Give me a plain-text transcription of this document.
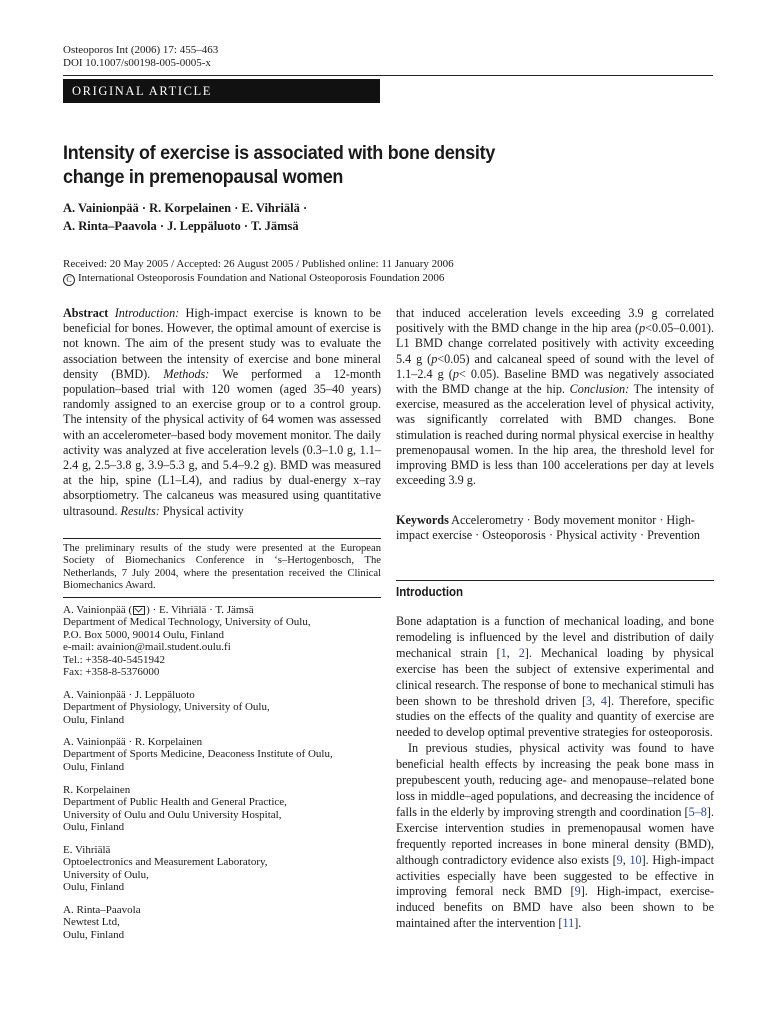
Osteoporos Int (2006) 17: 455–463
DOI 10.1007/s00198-005-0005-x
ORIGINAL ARTICLE
Intensity of exercise is associated with bone density
change in premenopausal women
A. Vainionpää · R. Korpelainen · E. Vihriälä ·
A. Rinta–Paavola · J. Leppäluoto · T. Jämsä
Received: 20 May 2005 / Accepted: 26 August 2005 / Published online: 11 January 2006
C International Osteoporosis Foundation and National Osteoporosis Foundation 2006
Abstract Introduction: High-impact exercise is known to be beneficial for bones. However, the optimal amount of exercise is not known. The aim of the present study was to evaluate the association between the intensity of exercise and bone mineral density (BMD). Methods: We performed a 12-month population–based trial with 120 women (aged 35–40 years) randomly assigned to an exercise group or to a control group. The intensity of the physical activity of 64 women was assessed with an accelerometer–based body movement monitor. The daily activity was analyzed at five acceleration levels (0.3–1.0 g, 1.1–2.4 g, 2.5–3.8 g, 3.9–5.3 g, and 5.4–9.2 g). BMD was measured at the hip, spine (L1–L4), and radius by dual-energy x–ray absorptiometry. The calcaneus was measured using quantitative ultrasound. Results: Physical activity
that induced acceleration levels exceeding 3.9 g correlated positively with the BMD change in the hip area (p<0.05–0.001). L1 BMD change correlated positively with activity exceeding 5.4 g (p<0.05) and calcaneal speed of sound with the level of 1.1–2.4 g (p< 0.05). Baseline BMD was negatively associated with the BMD change at the hip. Conclusion: The intensity of exercise, measured as the acceleration level of physical activity, was significantly correlated with BMD changes. Bone stimulation is reached during normal physical exercise in healthy premenopausal women. In the hip area, the threshold level for improving BMD is less than 100 accelerations per day at levels exceeding 3.9 g.
Keywords Accelerometry · Body movement monitor · High-impact exercise · Osteoporosis · Physical activity · Prevention
The preliminary results of the study were presented at the European Society of Biomechanics Conference in ‘s–Hertogenbosch, The Netherlands, 7 July 2004, where the presentation received the Clinical Biomechanics Award.
A. Vainionpää ( ) · E. Vihriälä · T. Jämsä
Department of Medical Technology, University of Oulu,
P.O. Box 5000, 90014 Oulu, Finland
e-mail: avainion@mail.student.oulu.fi
Tel.: +358-40-5451942
Fax: +358-8-5376000
A. Vainionpää · J. Leppäluoto
Department of Physiology, University of Oulu,
Oulu, Finland
A. Vainionpää · R. Korpelainen
Department of Sports Medicine, Deaconess Institute of Oulu,
Oulu, Finland
R. Korpelainen
Department of Public Health and General Practice,
University of Oulu and Oulu University Hospital,
Oulu, Finland
E. Vihriälä
Optoelectronics and Measurement Laboratory,
University of Oulu,
Oulu, Finland
A. Rinta–Paavola
Newtest Ltd,
Oulu, Finland
Introduction

Bone adaptation is a function of mechanical loading, and bone remodeling is influenced by the level and distribution of daily mechanical strain [1, 2]. Mechanical loading by physical exercise has been the subject of extensive experimental and clinical research. The response of bone to mechanical stimuli has been shown to be threshold driven [3, 4]. Therefore, specific studies on the effects of the quality and quantity of exercise are needed to develop optimal preventive strategies for osteoporosis.

In previous studies, physical activity was found to have beneficial health effects by increasing the peak bone mass in prepubescent youth, reducing age- and menopause–related bone loss in middle–aged populations, and decreasing the incidence of falls in the elderly by improving strength and coordination [5–8]. Exercise intervention studies in premenopausal women have frequently reported increases in bone mineral density (BMD), although contradictory evidence also exists [9, 10]. High-impact activities especially have been suggested to be effective in improving femoral neck BMD [9]. High-impact, exercise-induced benefits on BMD have also been shown to be maintained after the intervention [11].
